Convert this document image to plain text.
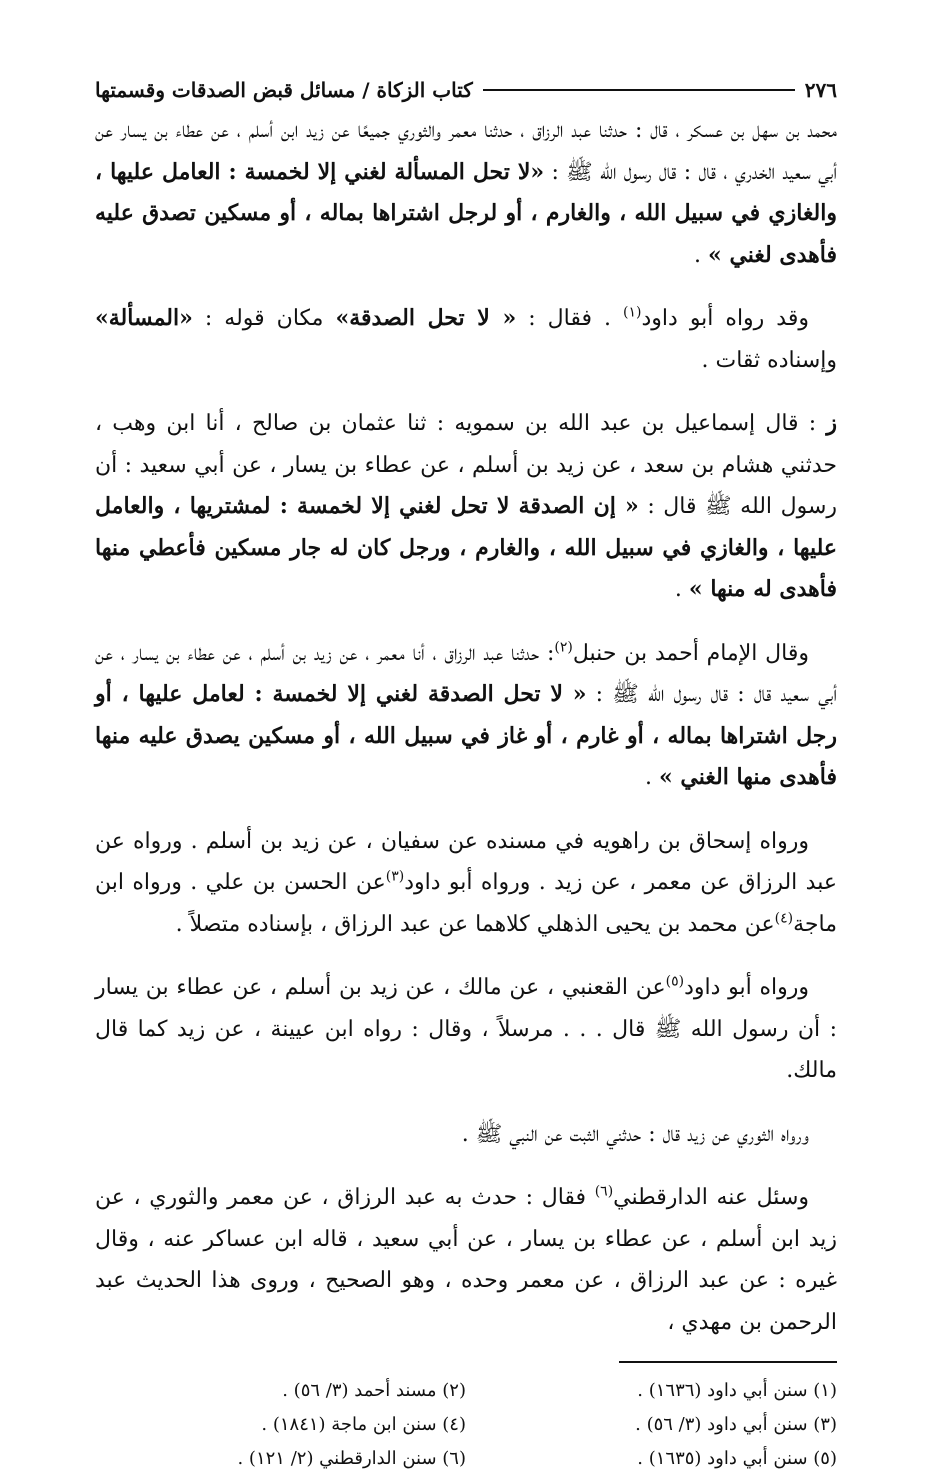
٢٧٦
كتاب الزكاة / مسائل قبض الصدقات وقسمتها

محمد بن سهل بن عسكر ، قال : حدثنا عبد الرزاق ، حدثنا معمر والثوري جميعًا عن زيد ابن أسلم ، عن عطاء بن يسار عن أبي سعيد الخدري ، قال : قال رسول الله ﷺ : «لا تحل المسألة لغني إلا لخمسة : العامل عليها ، والغازي في سبيل الله ، والغارم ، أو لرجل اشتراها بماله ، أو مسكين تصدق عليه فأهدى لغني » .

وقد رواه أبو داود$^{(١)}$ . فقال : « لا تحل الصدقة» مكان قوله : «المسألة» وإسناده ثقات .

ز : قال إسماعيل بن عبد الله بن سمويه : ثنا عثمان بن صالح ، أنا ابن وهب ، حدثني هشام بن سعد ، عن زيد بن أسلم ، عن عطاء بن يسار ، عن أبي سعيد : أن رسول الله ﷺ قال : « إن الصدقة لا تحل لغني إلا لخمسة : لمشتريها ، والعامل عليها ، والغازي في سبيل الله ، والغارم ، ورجل كان له جار مسكين فأعطي منها فأهدى له منها » .

وقال الإمام أحمد بن حنبل$^{(٢)}$: حدثنا عبد الرزاق ، أنا معمر ، عن زيد بن أسلم ، عن عطاء بن يسار ، عن أبي سعيد قال : قال رسول الله ﷺ : « لا تحل الصدقة لغني إلا لخمسة : لعامل عليها ، أو رجل اشتراها بماله ، أو غارم ، أو غاز في سبيل الله ، أو مسكين يصدق عليه منها فأهدى منها الغني » .

ورواه إسحاق بن راهويه في مسنده عن سفيان ، عن زيد بن أسلم . ورواه عن عبد الرزاق عن معمر ، عن زيد . ورواه أبو داود$^{(٣)}$عن الحسن بن علي . ورواه ابن ماجة$^{(٤)}$عن محمد بن يحيى الذهلي كلاهما عن عبد الرزاق ، بإسناده متصلاً .

ورواه أبو داود$^{(٥)}$عن القعنبي ، عن مالك ، عن زيد بن أسلم ، عن عطاء بن يسار : أن رسول الله ﷺ قال . . . مرسلاً ، وقال : رواه ابن عيينة ، عن زيد كما قال مالك.

ورواه الثوري عن زيد قال : حدثني الثبت عن النبي ﷺ .

وسئل عنه الدارقطني$^{(٦)}$ فقال : حدث به عبد الرزاق ، عن معمر والثوري ، عن زيد ابن أسلم ، عن عطاء بن يسار ، عن أبي سعيد ، قاله ابن عساكر عنه ، وقال غيره : عن عبد الرزاق ، عن معمر وحده ، وهو الصحيح ، وروى هذا الحديث عبد الرحمن بن مهدي ،

(١) سنن أبي داود (١٦٣٦) .
(٢) مسند أحمد (٣/ ٥٦) .
(٣) سنن أبي داود (٣/ ٥٦) .
(٤) سنن ابن ماجة (١٨٤١) .
(٥) سنن أبي داود (١٦٣٥) .
(٦) سنن الدارقطني (٢/ ١٢١) .
